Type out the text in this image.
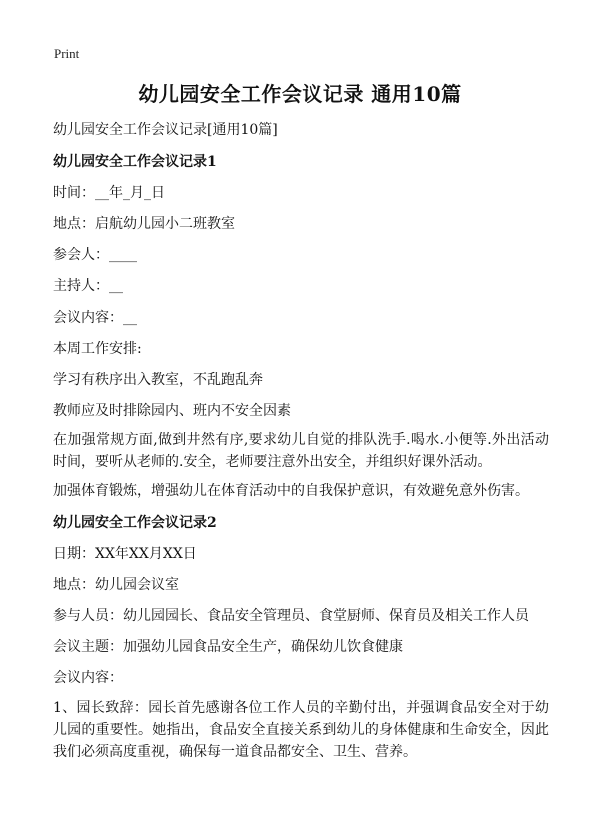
Print
幼儿园安全工作会议记录 通用10篇
幼儿园安全工作会议记录[通用10篇]
幼儿园安全工作会议记录1
时间：__年_月_日
地点：启航幼儿园小二班教室
参会人：____
主持人：__
会议内容：__
本周工作安排:
学习有秩序出入教室，不乱跑乱奔
教师应及时排除园内、班内不安全因素
在加强常规方面,做到井然有序,要求幼儿自觉的排队洗手.喝水.小便等.外出活动时间，要听从老师的.安全，老师要注意外出安全，并组织好课外活动。
加强体育锻炼，增强幼儿在体育活动中的自我保护意识，有效避免意外伤害。
幼儿园安全工作会议记录2
日期：XX年XX月XX日
地点：幼儿园会议室
参与人员：幼儿园园长、食品安全管理员、食堂厨师、保育员及相关工作人员
会议主题：加强幼儿园食品安全生产，确保幼儿饮食健康
会议内容：
1、园长致辞：园长首先感谢各位工作人员的辛勤付出，并强调食品安全对于幼儿园的重要性。她指出，食品安全直接关系到幼儿的身体健康和生命安全，因此我们必须高度重视，确保每一道食品都安全、卫生、营养。
